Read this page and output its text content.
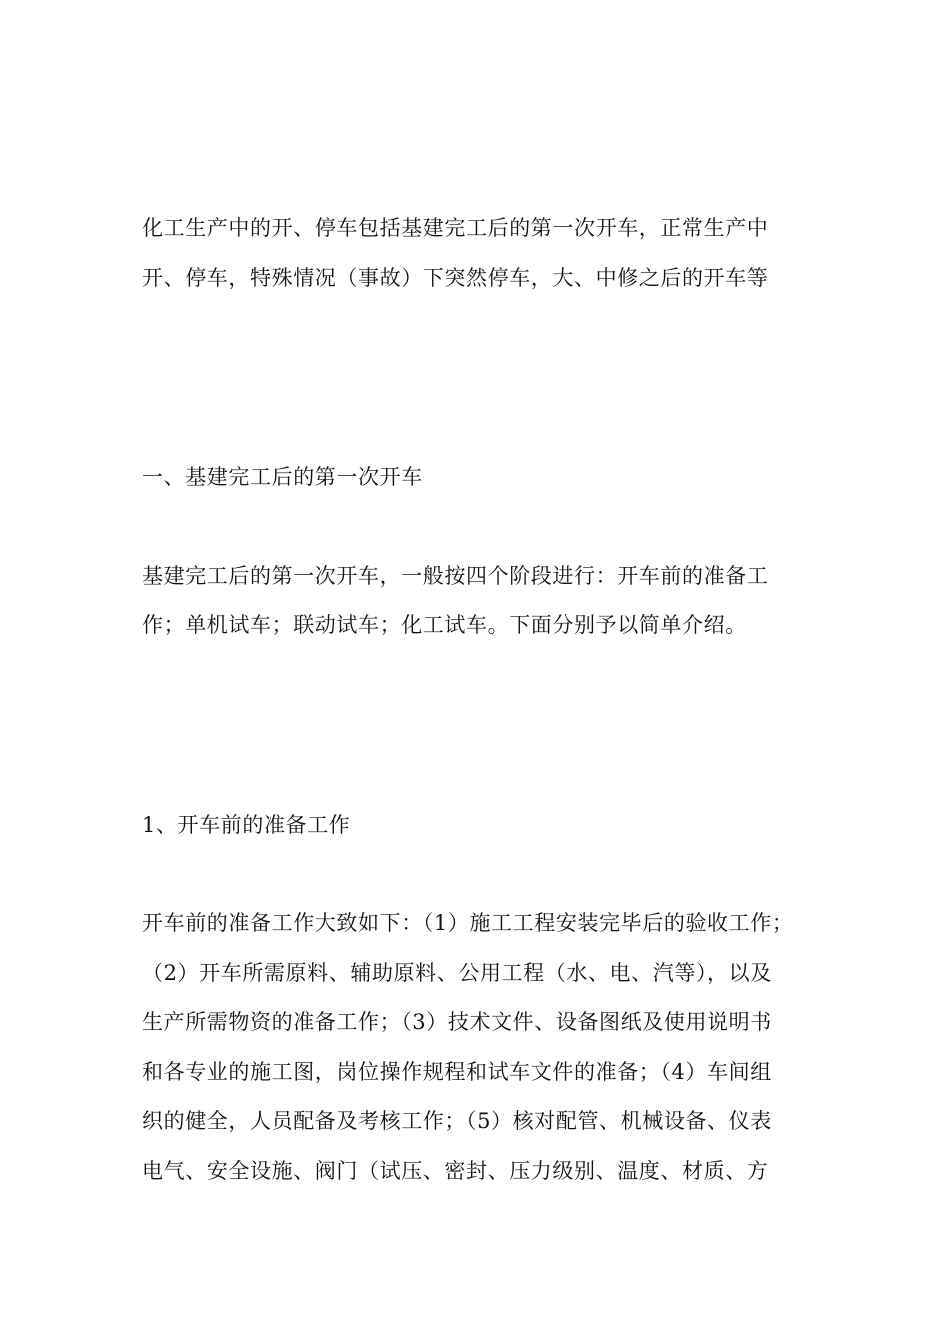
化工生产中的开、停车包括基建完工后的第一次开车，正常生产中
开、停车，特殊情况（事故）下突然停车，大、中修之后的开车等
一、基建完工后的第一次开车
基建完工后的第一次开车，一般按四个阶段进行：开车前的准备工
作；单机试车；联动试车；化工试车。下面分别予以简单介绍。
1、开车前的准备工作
开车前的准备工作大致如下：（1）施工工程安装完毕后的验收工作；
（2）开车所需原料、辅助原料、公用工程（水、电、汽等），以及
生产所需物资的准备工作；（3）技术文件、设备图纸及使用说明书
和各专业的施工图，岗位操作规程和试车文件的准备；（4）车间组
织的健全，人员配备及考核工作；（5）核对配管、机械设备、仪表
电气、安全设施、阀门（试压、密封、压力级别、温度、材质、方
